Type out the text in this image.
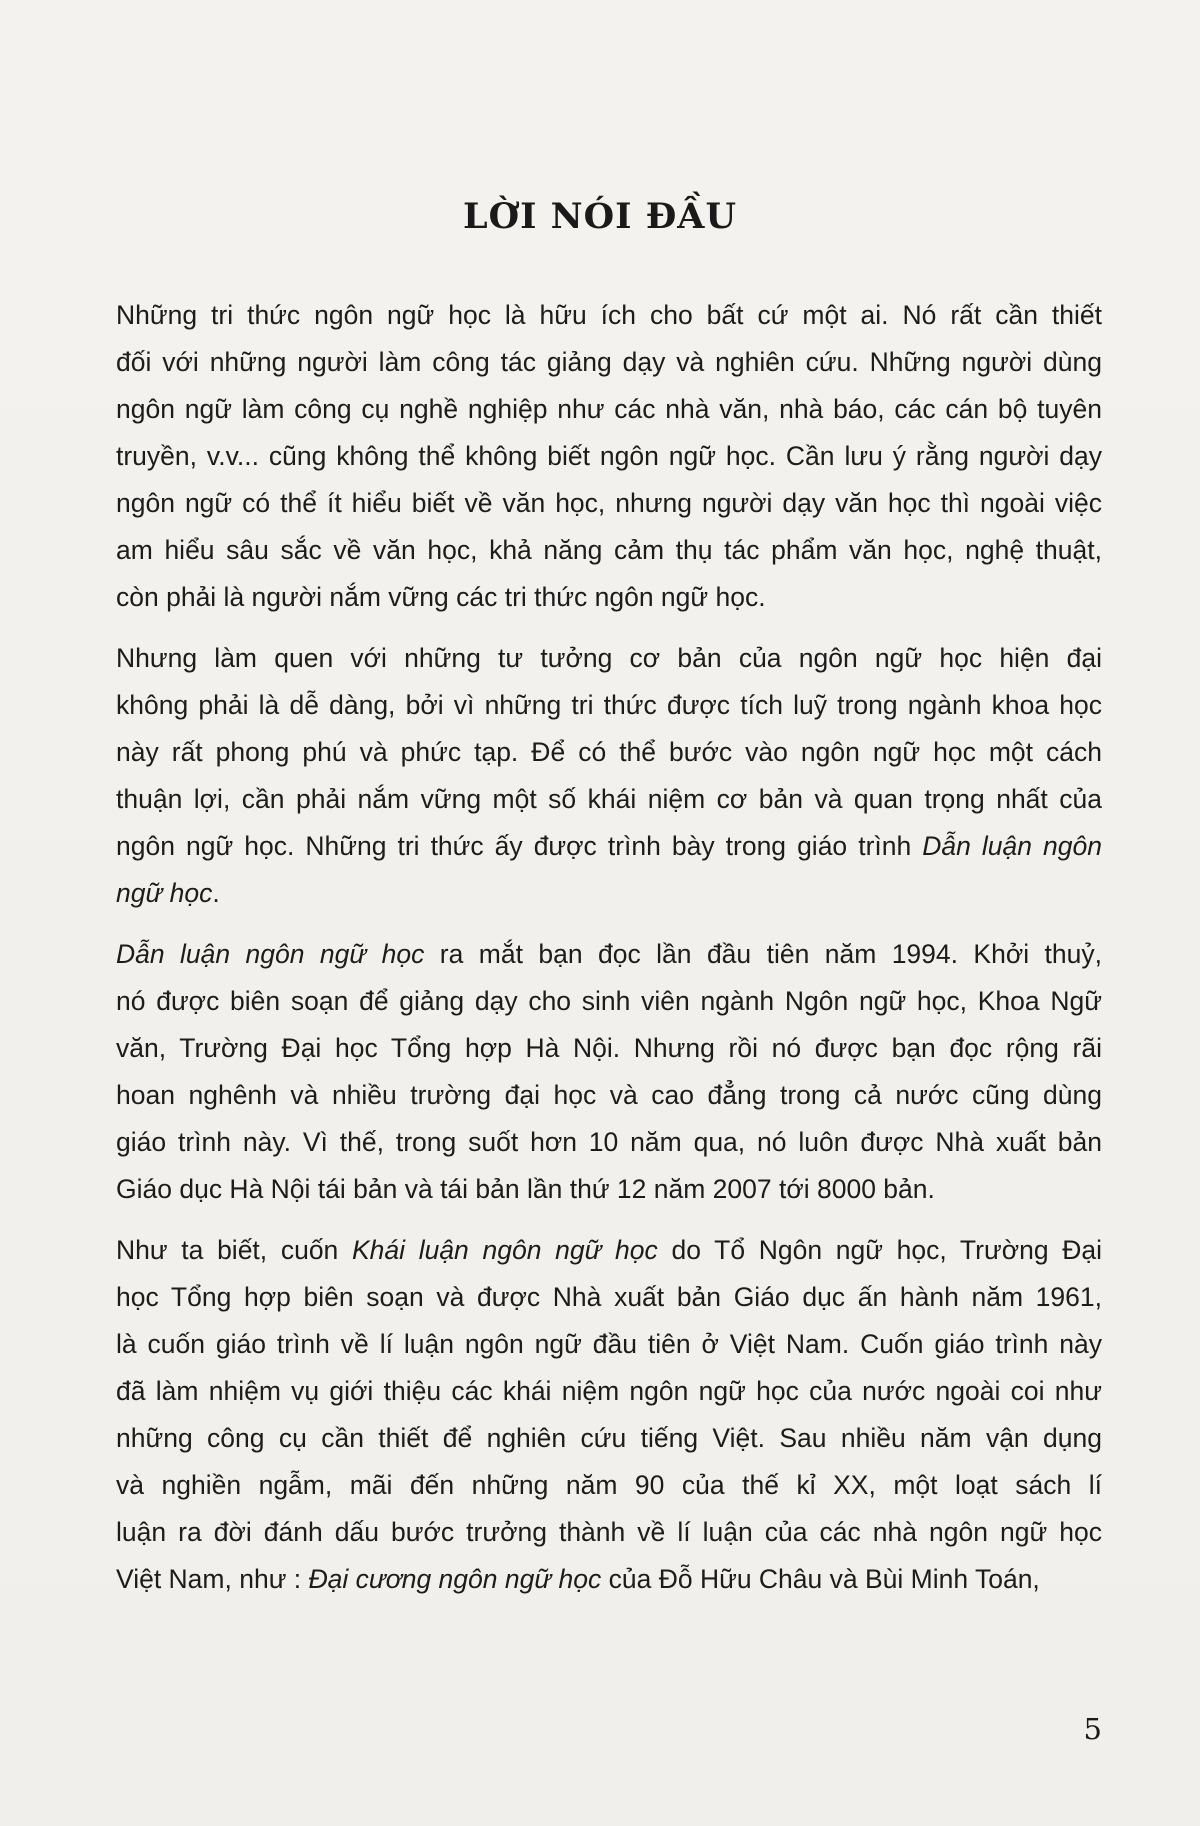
LỜI NÓI ĐẦU

Những tri thức ngôn ngữ học là hữu ích cho bất cứ một ai. Nó rất cần thiết
đối với những người làm công tác giảng dạy và nghiên cứu. Những người dùng
ngôn ngữ làm công cụ nghề nghiệp như các nhà văn, nhà báo, các cán bộ tuyên
truyền, v.v... cũng không thể không biết ngôn ngữ học. Cần lưu ý rằng người dạy
ngôn ngữ có thể ít hiểu biết về văn học, nhưng người dạy văn học thì ngoài việc
am hiểu sâu sắc về văn học, khả năng cảm thụ tác phẩm văn học, nghệ thuật,
còn phải là người nắm vững các tri thức ngôn ngữ học.

Nhưng làm quen với những tư tưởng cơ bản của ngôn ngữ học hiện đại
không phải là dễ dàng, bởi vì những tri thức được tích luỹ trong ngành khoa học
này rất phong phú và phức tạp. Để có thể bước vào ngôn ngữ học một cách
thuận lợi, cần phải nắm vững một số khái niệm cơ bản và quan trọng nhất của
ngôn ngữ học. Những tri thức ấy được trình bày trong giáo trình Dẫn luận ngôn
ngữ học.

Dẫn luận ngôn ngữ học ra mắt bạn đọc lần đầu tiên năm 1994. Khởi thuỷ,
nó được biên soạn để giảng dạy cho sinh viên ngành Ngôn ngữ học, Khoa Ngữ
văn, Trường Đại học Tổng hợp Hà Nội. Nhưng rồi nó được bạn đọc rộng rãi
hoan nghênh và nhiều trường đại học và cao đẳng trong cả nước cũng dùng
giáo trình này. Vì thế, trong suốt hơn 10 năm qua, nó luôn được Nhà xuất bản
Giáo dục Hà Nội tái bản và tái bản lần thứ 12 năm 2007 tới 8000 bản.

Như ta biết, cuốn Khái luận ngôn ngữ học do Tổ Ngôn ngữ học, Trường Đại
học Tổng hợp biên soạn và được Nhà xuất bản Giáo dục ấn hành năm 1961,
là cuốn giáo trình về lí luận ngôn ngữ đầu tiên ở Việt Nam. Cuốn giáo trình này
đã làm nhiệm vụ giới thiệu các khái niệm ngôn ngữ học của nước ngoài coi như
những công cụ cần thiết để nghiên cứu tiếng Việt. Sau nhiều năm vận dụng
và nghiền ngẫm, mãi đến những năm 90 của thế kỉ XX, một loạt sách lí
luận ra đời đánh dấu bước trưởng thành về lí luận của các nhà ngôn ngữ học
Việt Nam, như : Đại cương ngôn ngữ học của Đỗ Hữu Châu và Bùi Minh Toán,

5
